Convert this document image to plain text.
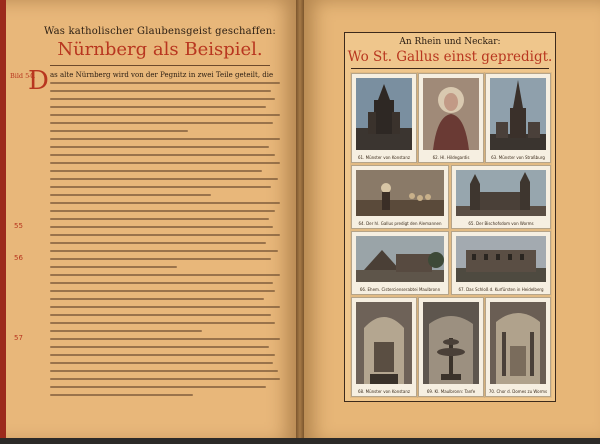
Was katholischer Glaubensgeist geschaffen:
Nürnberg als Beispiel.
Bild 54.
D as alte Nürnberg wird von der Pegnitz in zwei Teile geteilt, die
55
56
57
An Rhein und Neckar:
Wo St. Gallus einst gepredigt.
61. Münster von Konstanz	62. Hl. Hildegardis	63. Münster von Straßburg
64. Der hl. Gallus predigt den Alemannen	65. Der Bischofsdom von Worms
66. Ehem. Cistercienserabtei Maulbronn	67. Das Schloß d. Kurfürsten in Heidelberg
68. Münster von Konstanz	69. Kl. Maulbronn: Tanfe	70. Chor d. Domes zu Worms
